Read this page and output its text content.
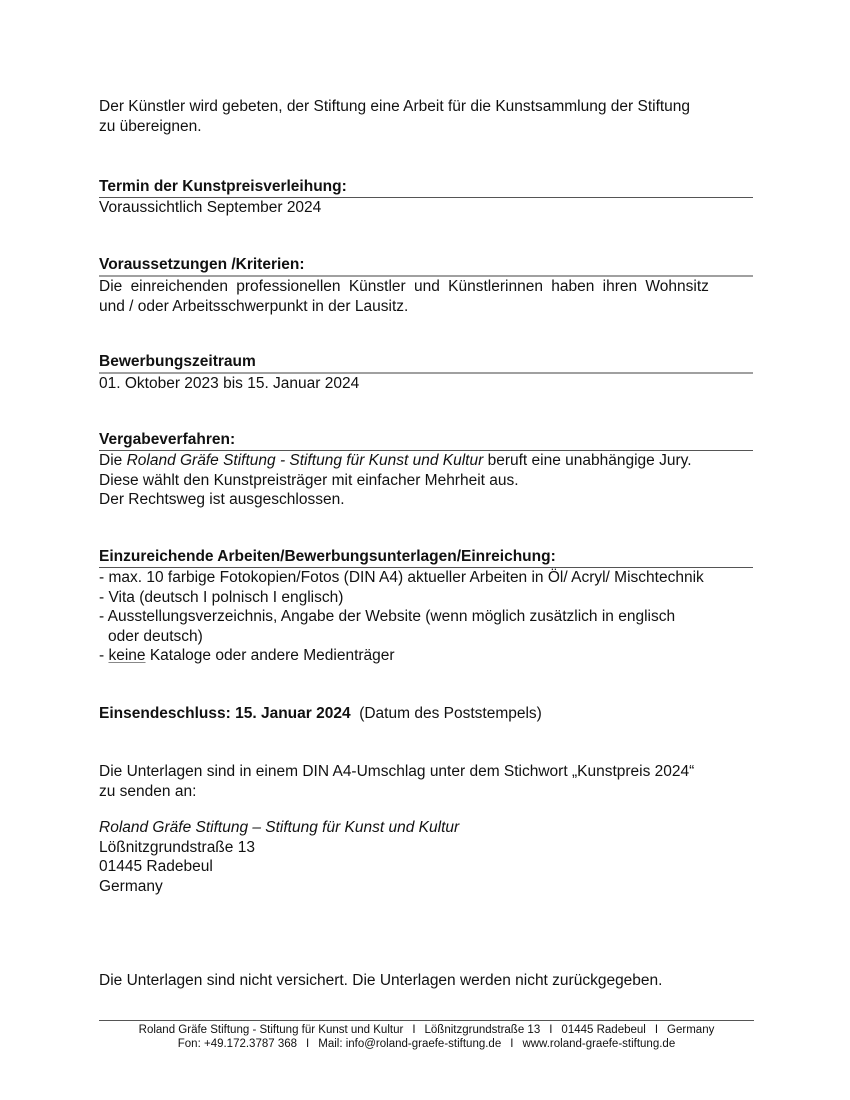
Der Künstler wird gebeten, der Stiftung eine Arbeit für die Kunstsammlung der Stiftung

zu übereignen.

Termin der Kunstpreisverleihung:

Voraussichtlich September 2024

Voraussetzungen /Kriterien:

Die einreichenden professionellen Künstler und Künstlerinnen haben ihren Wohnsitz

und / oder Arbeitsschwerpunkt in der Lausitz.

Bewerbungszeitraum

01. Oktober 2023 bis 15. Januar 2024

Vergabeverfahren:

Die Roland Gräfe Stiftung - Stiftung für Kunst und Kultur beruft eine unabhängige Jury.

Diese wählt den Kunstpreisträger mit einfacher Mehrheit aus.

Der Rechtsweg ist ausgeschlossen.

Einzureichende Arbeiten/Bewerbungsunterlagen/Einreichung:

- max. 10 farbige Fotokopien/Fotos (DIN A4) aktueller Arbeiten in Öl/ Acryl/ Mischtechnik

- Vita (deutsch I polnisch I englisch)

- Ausstellungsverzeichnis, Angabe der Website (wenn möglich zusätzlich in englisch

oder deutsch)

- keine Kataloge oder andere Medienträger

Einsendeschluss: 15. Januar 2024 (Datum des Poststempels)

Die Unterlagen sind in einem DIN A4-Umschlag unter dem Stichwort „Kunstpreis 2024“

zu senden an:

Roland Gräfe Stiftung – Stiftung für Kunst und Kultur

Lößnitzgrundstraße 13

01445 Radebeul

Germany

Die Unterlagen sind nicht versichert. Die Unterlagen werden nicht zurückgegeben.

Roland Gräfe Stiftung - Stiftung für Kunst und Kultur I Lößnitzgrundstraße 13 I 01445 Radebeul I Germany
Fon: +49.172.3787 368 I Mail: info@roland-graefe-stiftung.de I www.roland-graefe-stiftung.de
